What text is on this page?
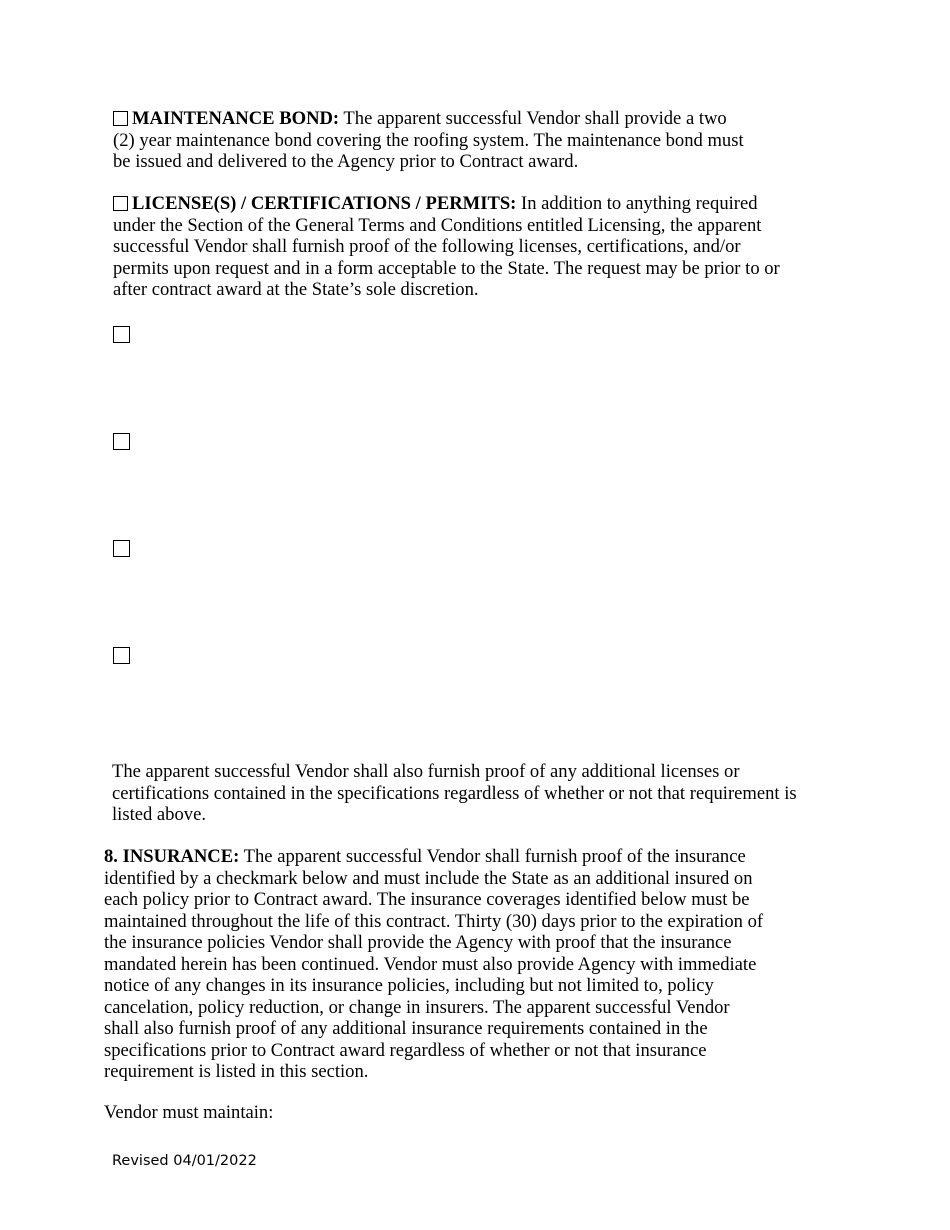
MAINTENANCE BOND: The apparent successful Vendor shall provide a two (2) year maintenance bond covering the roofing system. The maintenance bond must be issued and delivered to the Agency prior to Contract award.

LICENSE(S) / CERTIFICATIONS / PERMITS: In addition to anything required under the Section of the General Terms and Conditions entitled Licensing, the apparent successful Vendor shall furnish proof of the following licenses, certifications, and/or permits upon request and in a form acceptable to the State. The request may be prior to or after contract award at the State’s sole discretion.

The apparent successful Vendor shall also furnish proof of any additional licenses or certifications contained in the specifications regardless of whether or not that requirement is listed above.

8. INSURANCE: The apparent successful Vendor shall furnish proof of the insurance identified by a checkmark below and must include the State as an additional insured on each policy prior to Contract award. The insurance coverages identified below must be maintained throughout the life of this contract. Thirty (30) days prior to the expiration of the insurance policies Vendor shall provide the Agency with proof that the insurance mandated herein has been continued. Vendor must also provide Agency with immediate notice of any changes in its insurance policies, including but not limited to, policy cancelation, policy reduction, or change in insurers. The apparent successful Vendor shall also furnish proof of any additional insurance requirements contained in the specifications prior to Contract award regardless of whether or not that insurance requirement is listed in this section.

Vendor must maintain:

Revised 04/01/2022
